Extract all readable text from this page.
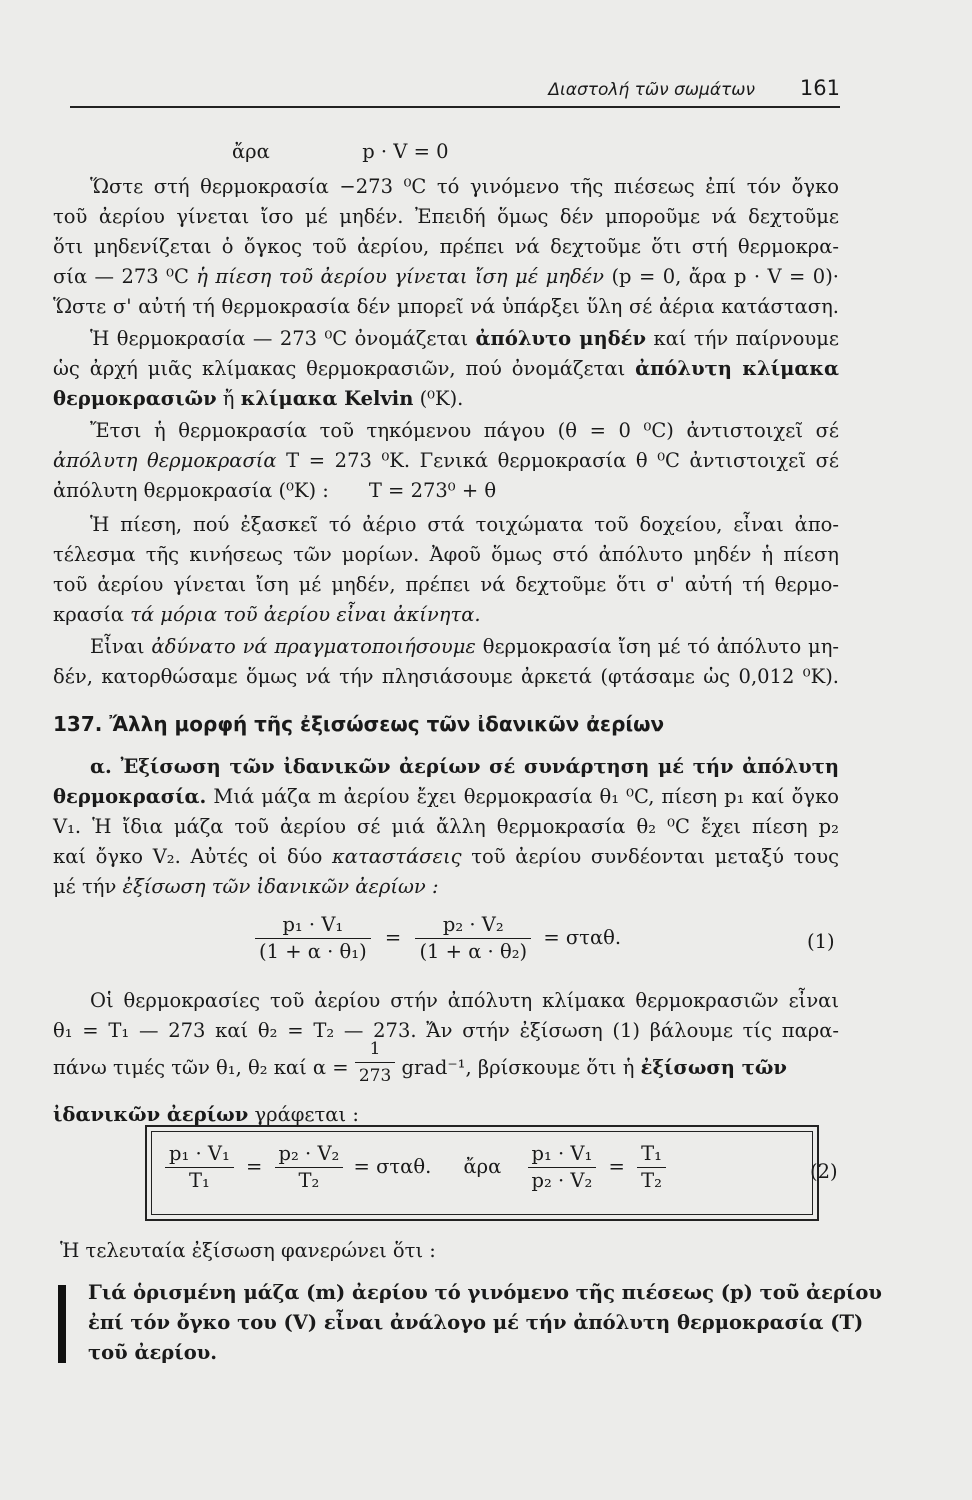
Διαστολή τῶν σωμάτων 161
ἄρα	p · V = 0
Ὥστε στή θερμοκρασία −273 ⁰C τό γινόμενο τῆς πιέσεως ἐπί τόν ὄγκο
τοῦ ἀερίου γίνεται ἴσο μέ μηδέν. Ἐπειδή ὅμως δέν μποροῦμε νά δεχτοῦμε
ὅτι μηδενίζεται ὁ ὄγκος τοῦ ἀερίου, πρέπει νά δεχτοῦμε ὅτι στή θερμοκρα-
σία — 273 ⁰C ἡ πίεση τοῦ ἀερίου γίνεται ἴση μέ μηδέν (p = 0, ἄρα p · V = 0)·
Ὥστε σ' αὐτή τή θερμοκρασία δέν μπορεῖ νά ὑπάρξει ὕλη σέ ἀέρια κατάσταση.
Ἡ θερμοκρασία — 273 ⁰C ὀνομάζεται ἀπόλυτο μηδέν καί τήν παίρνουμε
ὡς ἀρχή μιᾶς κλίμακας θερμοκρασιῶν, πού ὀνομάζεται ἀπόλυτη κλίμακα
θερμοκρασιῶν ἤ κλίμακα Kelvin (⁰K).
Ἔτσι ἡ θερμοκρασία τοῦ τηκόμενου πάγου (θ = 0 ⁰C) ἀντιστοιχεῖ σέ
ἀπόλυτη θερμοκρασία T = 273 ⁰K. Γενικά θερμοκρασία θ ⁰C ἀντιστοιχεῖ σέ
ἀπόλυτη θερμοκρασία (⁰K) : T = 273⁰ + θ
Ἡ πίεση, πού ἐξασκεῖ τό ἀέριο στά τοιχώματα τοῦ δοχείου, εἶναι ἀπο-
τέλεσμα τῆς κινήσεως τῶν μορίων. Ἀφοῦ ὅμως στό ἀπόλυτο μηδέν ἡ πίεση
τοῦ ἀερίου γίνεται ἴση μέ μηδέν, πρέπει νά δεχτοῦμε ὅτι σ' αὐτή τή θερμο-
κρασία τά μόρια τοῦ ἀερίου εἶναι ἀκίνητα.
Εἶναι ἀδύνατο νά πραγματοποιήσουμε θερμοκρασία ἴση μέ τό ἀπόλυτο μη-
δέν, κατορθώσαμε ὅμως νά τήν πλησιάσουμε ἀρκετά (φτάσαμε ὡς 0,012 ⁰K).
137. Ἄλλη μορφή τῆς ἐξισώσεως τῶν ἰδανικῶν ἀερίων
α. Ἐξίσωση τῶν ἰδανικῶν ἀερίων σέ συνάρτηση μέ τήν ἀπόλυτη
θερμοκρασία. Μιά μάζα m ἀερίου ἔχει θερμοκρασία θ₁ ⁰C, πίεση p₁ καί ὄγκο
V₁. Ἡ ἴδια μάζα τοῦ ἀερίου σέ μιά ἄλλη θερμοκρασία θ₂ ⁰C ἔχει πίεση p₂
καί ὄγκο V₂. Αὐτές οἱ δύο καταστάσεις τοῦ ἀερίου συνδέονται μεταξύ τους
μέ τήν ἐξίσωση τῶν ἰδανικῶν ἀερίων :
$\frac{\text{p₁ · V₁}}{\text{(1 + α · θ₁)}} = \frac{\text{p₂ · V₂}}{\text{(1 + α · θ₂)}} = \sigma\tau\alpha\theta$.	(1)
Οἱ θερμοκρασίες τοῦ ἀερίου στήν ἀπόλυτη κλίμακα θερμοκρασιῶν εἶναι
θ₁ = T₁ — 273 καί θ₂ = T₂ — 273. Ἄν στήν ἐξίσωση (1) βάλουμε τίς παρα-
πάνω τιμές τῶν θ₁, θ₂ καί $\alpha = \frac{1}{273}$ grad⁻¹, βρίσκουμε ὅτι ἡ ἐξίσωση τῶν
ἰδανικῶν ἀερίων γράφεται :
$\frac{\text{p₁ · V₁}}{\text{T₁}} = \frac{\text{p₂ · V₂}}{\text{T₂}} = \sigma\tau\alpha\theta$. ἄρα $\frac{\text{p₁ · V₁}}{\text{p₂ · V₂}} = \frac{\text{T₁}}{\text{T₂}}$	(2)
Ἡ τελευταία ἐξίσωση φανερώνει ὅτι :
Γιά ὁρισμένη μάζα (m) ἀερίου τό γινόμενο τῆς πιέσεως (p) τοῦ ἀερίου
ἐπί τόν ὄγκο του (V) εἶναι ἀνάλογο μέ τήν ἀπόλυτη θερμοκρασία (T)
τοῦ ἀερίου.
